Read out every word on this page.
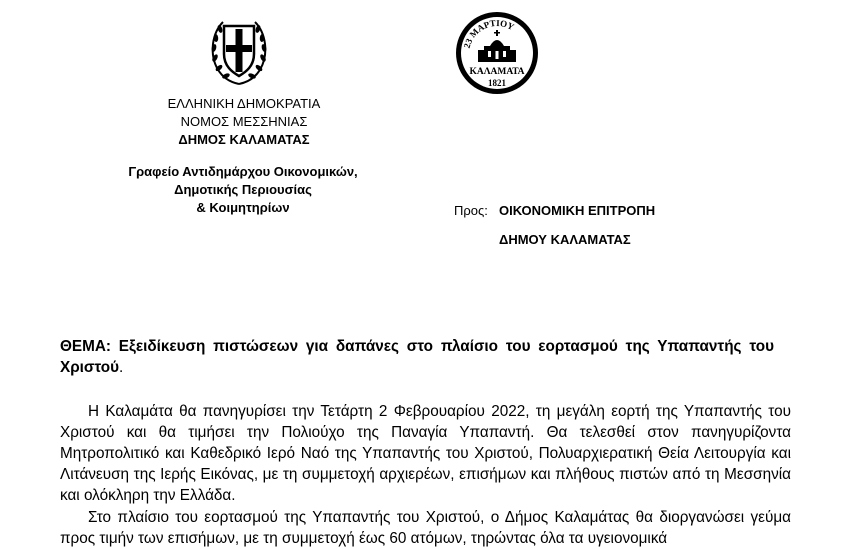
23 ΜΑΡΤΙΟΥ
ΚΑΛΑΜΑΤΑ
1821
ΕΛΛΗΝΙΚΗ ΔΗΜΟΚΡΑΤΙΑ
ΝΟΜΟΣ ΜΕΣΣΗΝΙΑΣ
ΔΗΜΟΣ ΚΑΛΑΜΑΤΑΣ
Γραφείο Αντιδημάρχου Οικονομικών,
Δημοτικής Περιουσίας
& Κοιμητηρίων	Προς: ΟΙΚΟΝΟΜΙΚΗ ΕΠΙΤΡΟΠΗ
ΔΗΜΟΥ ΚΑΛΑΜΑΤΑΣ
ΘΕΜΑ: Εξειδίκευση πιστώσεων για δαπάνες στο πλαίσιο του εορτασμού της Υπαπαντής του Χριστού.
Η Καλαμάτα θα πανηγυρίσει την Τετάρτη 2 Φεβρουαρίου 2022, τη μεγάλη εορτή της Υπαπαντής του Χριστού και θα τιμήσει την Πολιούχο της Παναγία Υπαπαντή. Θα τελεσθεί στον πανηγυρίζοντα Μητροπολιτικό και Καθεδρικό Ιερό Ναό της Υπαπαντής του Χριστού, Πολυαρχιερατική Θεία Λειτουργία και Λιτάνευση της Ιερής Εικόνας, με τη συμμετοχή αρχιερέων, επισήμων και πλήθους πιστών από τη Μεσσηνία και ολόκληρη την Ελλάδα.
Στο πλαίσιο του εορτασμού της Υπαπαντής του Χριστού, ο Δήμος Καλαμάτας θα διοργανώσει γεύμα προς τιμήν των επισήμων, με τη συμμετοχή έως 60 ατόμων, τηρώντας όλα τα υγειονομικά
